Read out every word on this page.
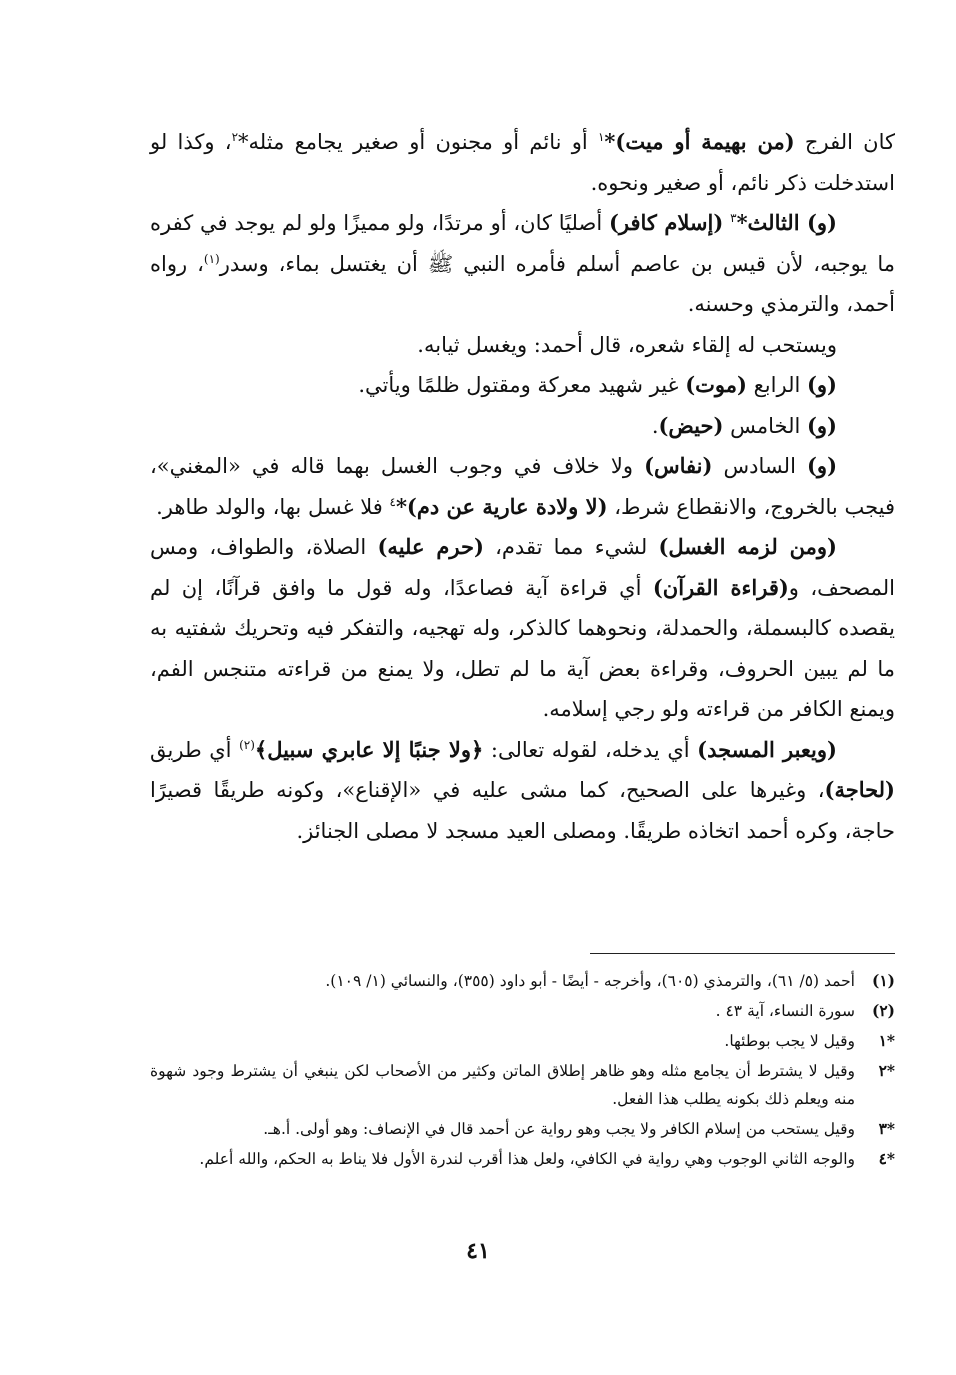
كان الفرج (من بهيمة أو ميت)*$^١$ أو نائم أو مجنون أو صغير يجامع مثله*$^٢$، وكذا لو استدخلت ذكر نائم، أو صغير ونحوه.

(و) الثالث*$^٣$ (إسلام كافر) أصليًا كان، أو مرتدًا، ولو مميزًا ولو لم يوجد في كفره ما يوجبه، لأن قيس بن عاصم أسلم فأمره النبي ﷺ أن يغتسل بماء، وسدر$^{(١)}$، رواه أحمد، والترمذي وحسنه.

ويستحب له إلقاء شعره، قال أحمد: ويغسل ثيابه.

(و) الرابع (موت) غير شهيد معركة ومقتول ظلمًا ويأتي.

(و) الخامس (حيض).

(و) السادس (نفاس) ولا خلاف في وجوب الغسل بهما قاله في «المغني»، فيجب بالخروج، والانقطاع شرط، (لا ولادة عارية عن دم)*$^٤$ فلا غسل بها، والولد طاهر.

(ومن لزمه الغسل) لشيء مما تقدم، (حرم عليه) الصلاة، والطواف، ومس المصحف، و(قراءة القرآن) أي قراءة آية فصاعدًا، وله قول ما وافق قرآنًا، إن لم يقصده كالبسملة، والحمدلة، ونحوهما كالذكر، وله تهجيه، والتفكر فيه وتحريك شفتيه به ما لم يبين الحروف، وقراءة بعض آية ما لم تطل، ولا يمنع من قراءته متنجس الفم، ويمنع الكافر من قراءته ولو رجي إسلامه.

(ويعبر المسجد) أي يدخله، لقوله تعالى: ﴿ولا جنبًا إلا عابري سبيل﴾$^{(٢)}$ أي طريق (لحاجة)، وغيرها على الصحيح، كما مشى عليه في «الإقناع»، وكونه طريقًا قصيرًا حاجة، وكره أحمد اتخاذه طريقًا. ومصلى العيد مسجد لا مصلى الجنائز.

(١)
أحمد (٥/ ٦١)، والترمذي (٦٠٥)، وأخرجه - أيضًا - أبو داود (٣٥٥)، والنسائي (١/ ١٠٩).
(٢)
سورة النساء، آية ٤٣ .
*١
وقيل لا يجب بوطئها.
*٢
وقيل لا يشترط أن يجامع مثله وهو ظاهر إطلاق الماتن وكثير من الأصحاب لكن ينبغي أن يشترط وجود شهوة منه ويعلم ذلك بكونه يطلب هذا الفعل.
*٣
وقيل يستحب من إسلام الكافر ولا يجب وهو رواية عن أحمد قال في الإنصاف: وهو أولى. أ.هـ.
*٤
والوجه الثاني الوجوب وهي رواية في الكافي، ولعل هذا أقرب لندرة الأول فلا يناط به الحكم، والله أعلم.
٤١
